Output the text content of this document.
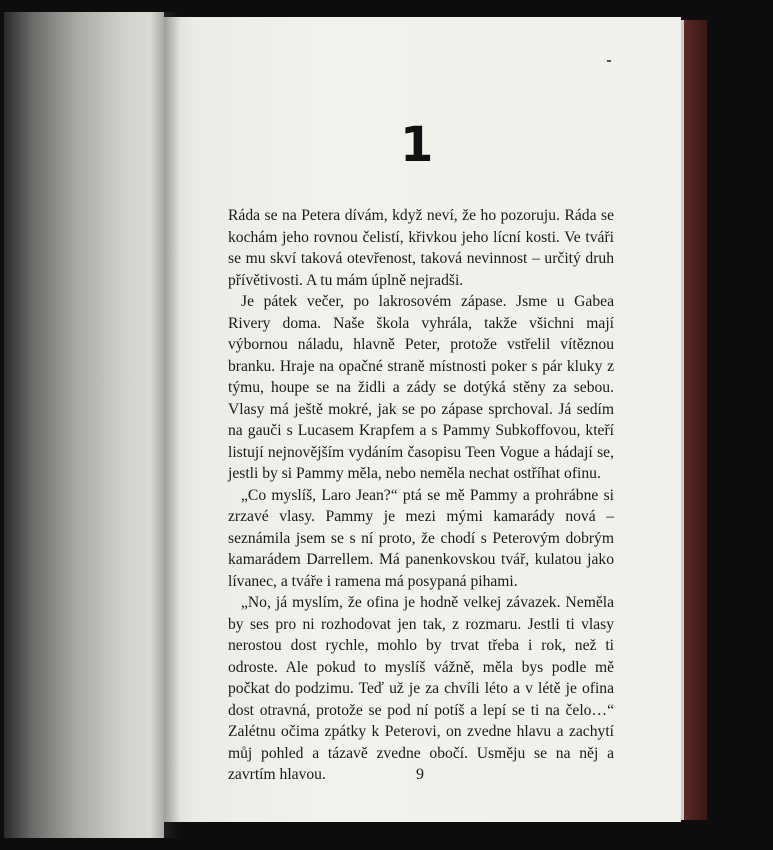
1

Ráda se na Petera dívám, když neví, že ho pozoruju. Ráda se kochám jeho rovnou čelistí, křivkou jeho lícní kosti. Ve tváři se mu skví taková otevřenost, taková nevinnost – určitý druh přívětivosti. A tu mám úplně nejradši.

Je pátek večer, po lakrosovém zápase. Jsme u Gabea Rivery doma. Naše škola vyhrála, takže všichni mají výbornou náladu, hlavně Peter, protože vstřelil vítěznou branku. Hraje na opačné straně místnosti poker s pár kluky z týmu, houpe se na židli a zády se dotýká stěny za sebou. Vlasy má ještě mokré, jak se po zápase sprchoval. Já sedím na gauči s Lucasem Krapfem a s Pammy Subkoffovou, kteří listují nejnovějším vydáním časopisu Teen Vogue a hádají se, jestli by si Pammy měla, nebo neměla nechat ostříhat ofinu.

„Co myslíš, Laro Jean?“ ptá se mě Pammy a prohrábne si zrzavé vlasy. Pammy je mezi mými kamarády nová – seznámila jsem se s ní proto, že chodí s Peterovým dobrým kamarádem Darrellem. Má panenkovskou tvář, kulatou jako lívanec, a tváře i ramena má posypaná pihami.

„No, já myslím, že ofina je hodně velkej závazek. Neměla by ses pro ni rozhodovat jen tak, z rozmaru. Jestli ti vlasy nerostou dost rychle, mohlo by trvat třeba i rok, než ti odroste. Ale pokud to myslíš vážně, měla bys podle mě počkat do podzimu. Teď už je za chvíli léto a v létě je ofina dost otravná, protože se pod ní potíš a lepí se ti na čelo…“ Zalétnu očima zpátky k Peterovi, on zvedne hlavu a zachytí můj pohled a tázavě zvedne obočí. Usměju se na něj a zavrtím hlavou.	9
